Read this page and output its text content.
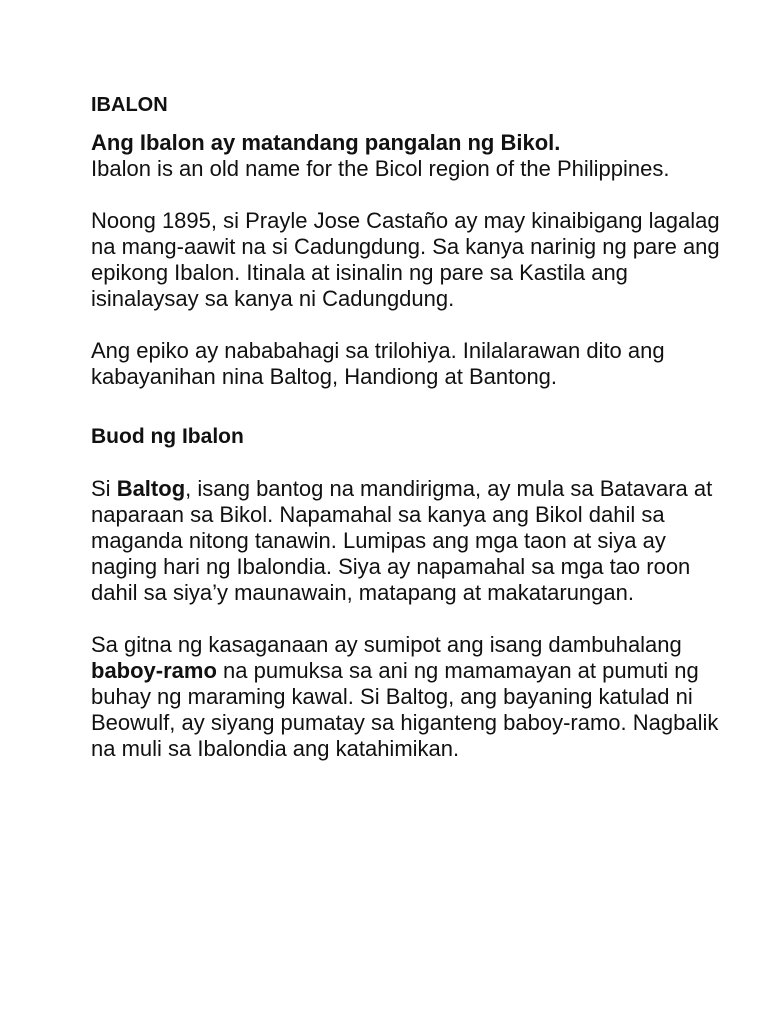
IBALON

Ang Ibalon ay matandang pangalan ng Bikol.

Ibalon is an old name for the Bicol region of the Philippines.

Noong 1895, si Prayle Jose Castaño ay may kinaibigang lagalag na mang-aawit na si Cadungdung. Sa kanya narinig ng pare ang epikong Ibalon. Itinala at isinalin ng pare sa Kastila ang isinalaysay sa kanya ni Cadungdung.

Ang epiko ay nababahagi sa trilohiya. Inilalarawan dito ang kabayanihan nina Baltog, Handiong at Bantong.

Buod ng Ibalon

Si Baltog, isang bantog na mandirigma, ay mula sa Batavara at naparaan sa Bikol. Napamahal sa kanya ang Bikol dahil sa maganda nitong tanawin. Lumipas ang mga taon at siya ay naging hari ng Ibalondia. Siya ay napamahal sa mga tao roon dahil sa siya’y maunawain, matapang at makatarungan.

Sa gitna ng kasaganaan ay sumipot ang isang dambuhalang baboy-ramo na pumuksa sa ani ng mamamayan at pumuti ng buhay ng maraming kawal. Si Baltog, ang bayaning katulad ni Beowulf, ay siyang pumatay sa higanteng baboy-ramo. Nagbalik na muli sa Ibalondia ang katahimikan.
